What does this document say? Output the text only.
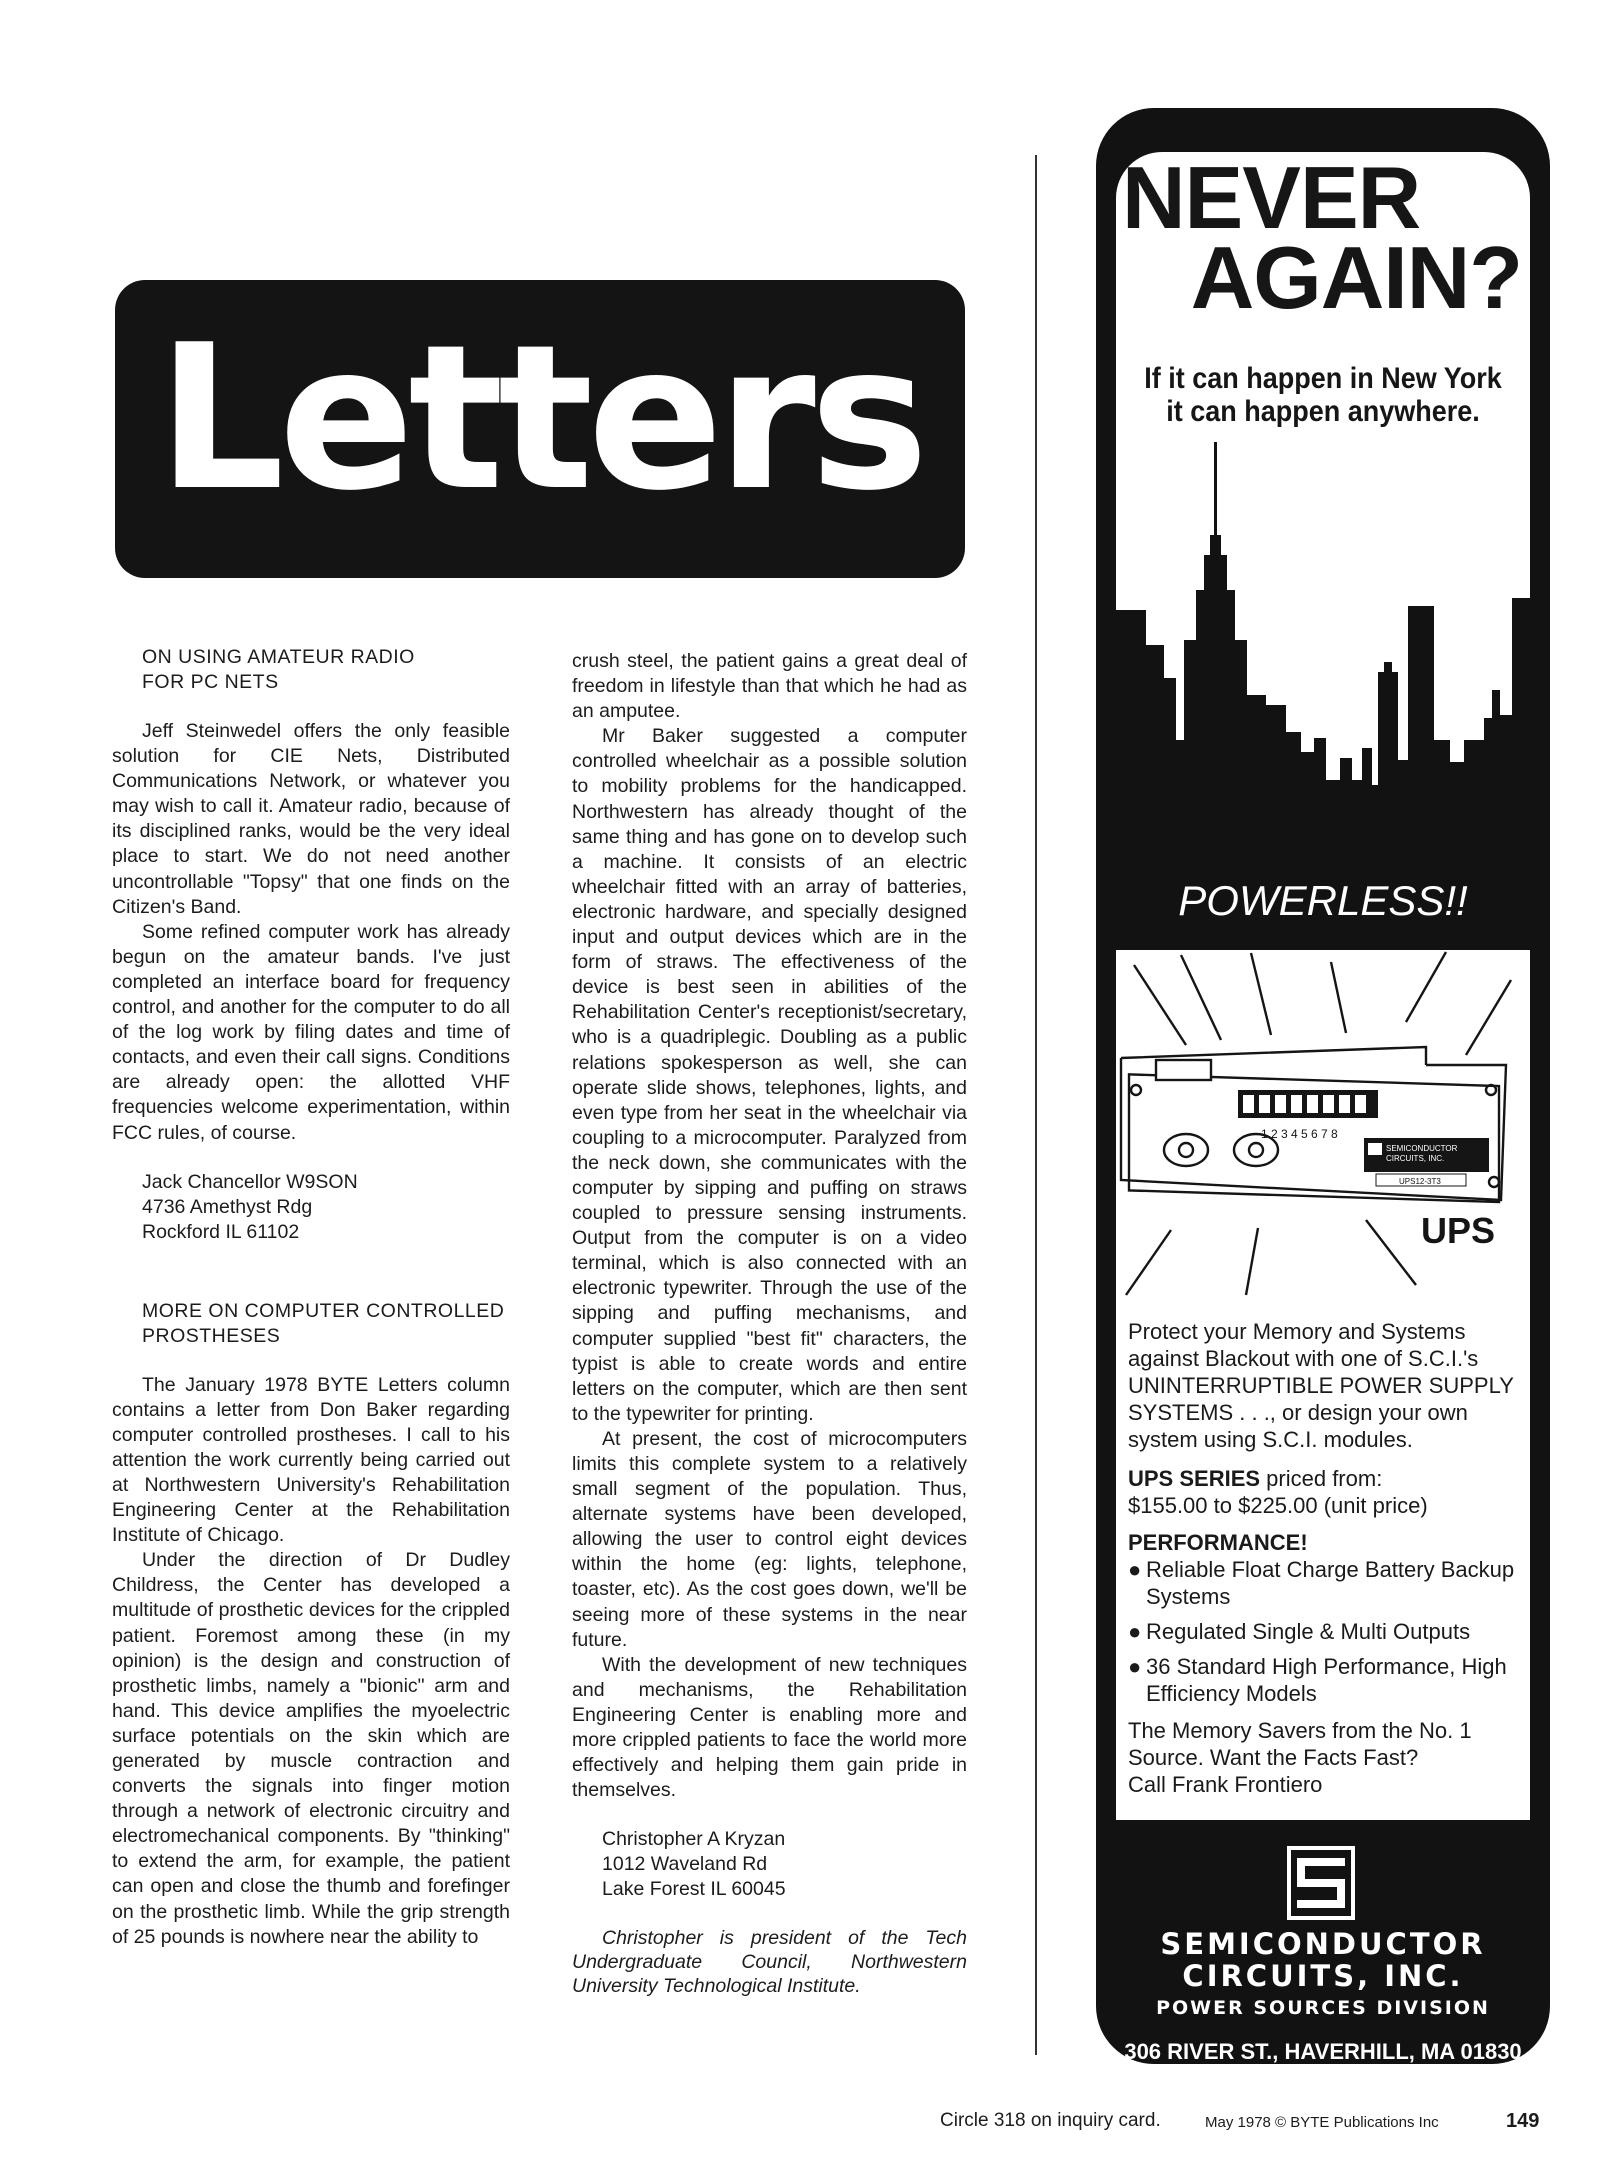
Letters

ON USING AMATEUR RADIO

FOR PC NETS

Jeff Steinwedel offers the only feasible solution for CIE Nets, Distributed Communications Network, or whatever you may wish to call it. Amateur radio, because of its disciplined ranks, would be the very ideal place to start. We do not need another uncontrollable "Topsy" that one finds on the Citizen's Band.

Some refined computer work has already begun on the amateur bands. I've just completed an interface board for frequency control, and another for the computer to do all of the log work by filing dates and time of contacts, and even their call signs. Conditions are already open: the allotted VHF frequencies welcome experimentation, within FCC rules, of course.

Jack Chancellor W9SON

4736 Amethyst Rdg

Rockford IL 61102

MORE ON COMPUTER CONTROLLED

PROSTHESES

The January 1978 BYTE Letters column contains a letter from Don Baker regarding computer controlled prostheses. I call to his attention the work currently being carried out at Northwestern University's Rehabilitation Engineering Center at the Rehabilitation Institute of Chicago.

Under the direction of Dr Dudley Childress, the Center has developed a multitude of prosthetic devices for the crippled patient. Foremost among these (in my opinion) is the design and construction of prosthetic limbs, namely a "bionic" arm and hand. This device amplifies the myoelectric surface potentials on the skin which are generated by muscle contraction and converts the signals into finger motion through a network of electronic circuitry and electromechanical components. By "thinking" to extend the arm, for example, the patient can open and close the thumb and forefinger on the prosthetic limb. While the grip strength of 25 pounds is nowhere near the ability to

crush steel, the patient gains a great deal of freedom in lifestyle than that which he had as an amputee.

Mr Baker suggested a computer controlled wheelchair as a possible solution to mobility problems for the handicapped. Northwestern has already thought of the same thing and has gone on to develop such a machine. It consists of an electric wheelchair fitted with an array of batteries, electronic hardware, and specially designed input and output devices which are in the form of straws. The effectiveness of the device is best seen in abilities of the Rehabilitation Center's receptionist/secretary, who is a quadriplegic. Doubling as a public relations spokesperson as well, she can operate slide shows, telephones, lights, and even type from her seat in the wheelchair via coupling to a microcomputer. Paralyzed from the neck down, she communicates with the computer by sipping and puffing on straws coupled to pressure sensing instruments. Output from the computer is on a video terminal, which is also connected with an electronic typewriter. Through the use of the sipping and puffing mechanisms, and computer supplied "best fit" characters, the typist is able to create words and entire letters on the computer, which are then sent to the typewriter for printing.

At present, the cost of microcomputers limits this complete system to a relatively small segment of the population. Thus, alternate systems have been developed, allowing the user to control eight devices within the home (eg: lights, telephone, toaster, etc). As the cost goes down, we'll be seeing more of these systems in the near future.

With the development of new techniques and mechanisms, the Rehabilitation Engineering Center is enabling more and more crippled patients to face the world more effectively and helping them gain pride in themselves.

Christopher A Kryzan

1012 Waveland Rd

Lake Forest IL 60045

Christopher is president of the Tech Undergraduate Council, Northwestern University Technological Institute.

NEVER
AGAIN?
If it can happen in New York
it can happen anywhere.
POWERLESS!!
1 2 3 4 5 6 7 8
SEMICONDUCTOR
CIRCUITS, INC.
UPS12-3T3
UPS

Protect your Memory and Systems against Blackout with one of S.C.I.'s UNINTERRUPTIBLE POWER SUPPLY SYSTEMS . . ., or design your own system using S.C.I. modules.

UPS SERIES priced from:

$155.00 to $225.00 (unit price)

PERFORMANCE!

● Reliable Float Charge Battery Backup Systems
● Regulated Single & Multi Outputs
● 36 Standard High Performance, High Efficiency Models

The Memory Savers from the No. 1 Source. Want the Facts Fast?

Call Frank Frontiero

SEMICONDUCTOR
CIRCUITS, INC.
POWER SOURCES DIVISION
306 RIVER ST., HAVERHILL, MA 01830
TEL.(617) 373-9104, TWX.710-347-0269
Circle 318 on inquiry card.	May 1978 © BYTE Publications Inc	149
